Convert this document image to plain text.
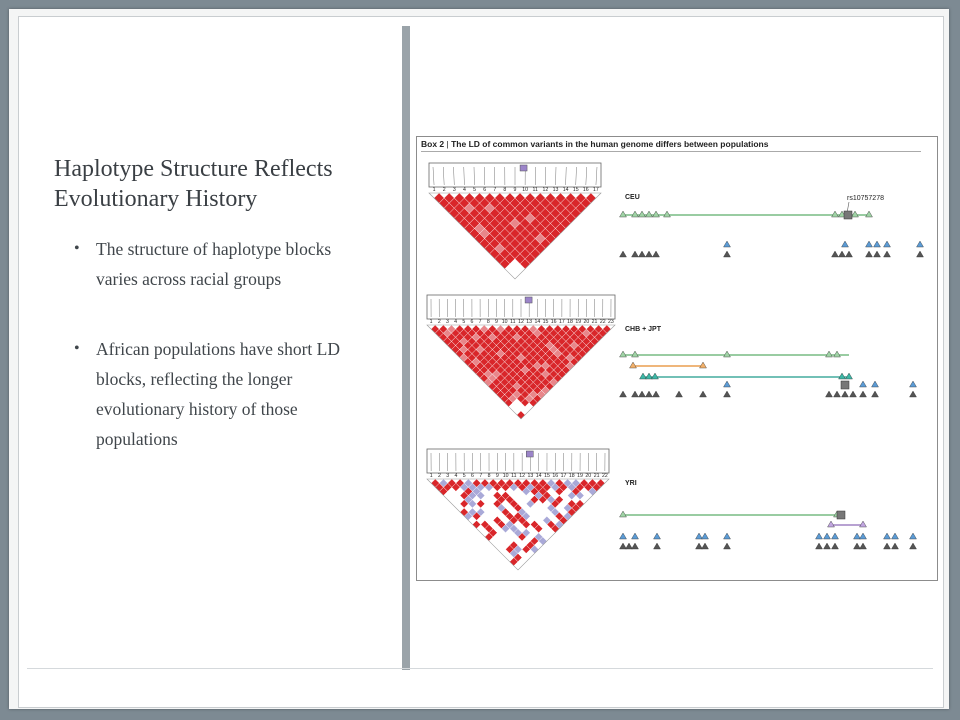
Haplotype Structure Reflects Evolutionary History
• The structure of haplotype blocks varies across racial groups
• African populations have short LD blocks, reflecting the longer evolutionary history of those populations
Box 2 | The LD of common variants in the human genome differs between populations
1 2 3 4 5 6 7 8 9 10 11 12 13 14 15 16 17
CEU
1 2 3 4 5 6 7 8 9 10 11 12 13 14 15 16 17 18 19 20 21 22 23
CHB + JPT
1 2 3 4 5 6 7 8 9 10 11 12 13 14 15 16 17 18 19 20 21 22
YRI
rs10757278
